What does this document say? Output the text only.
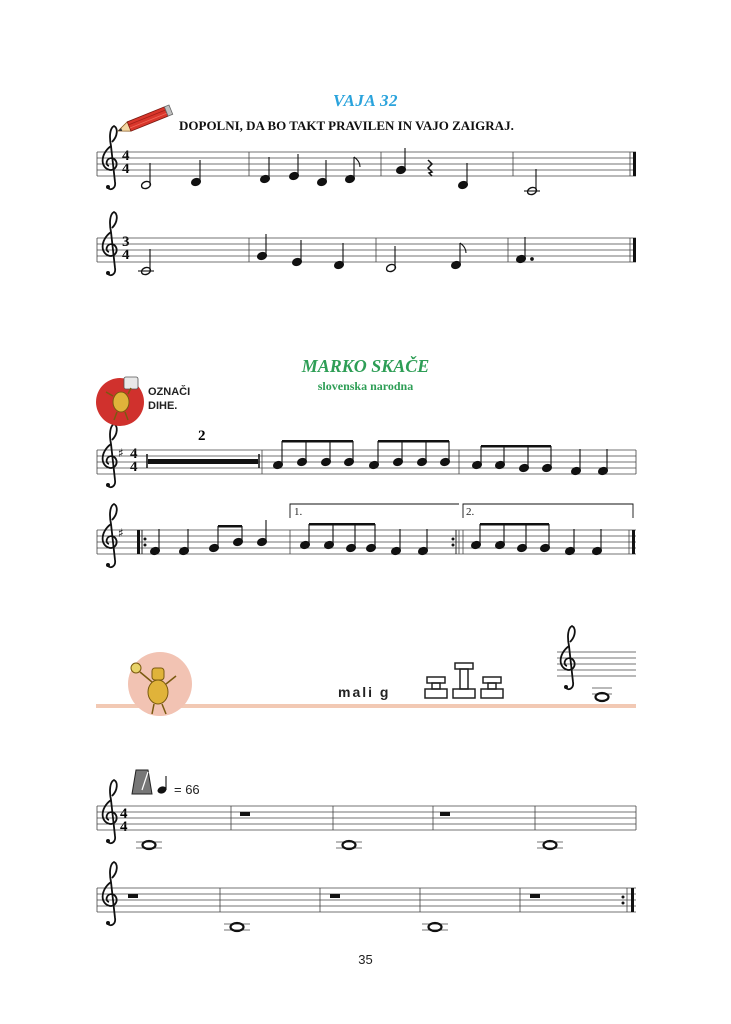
VAJA 32
DOPOLNI, DA BO TAKT PRAVILEN IN VAJO ZAIGRAJ.
MARKO SKAČE
slovenska narodna
OZNAČI
DIHE.
2
1.	2.
mali g
= 66
35
4
4
3
4
4
4
4
4
♯
♯
